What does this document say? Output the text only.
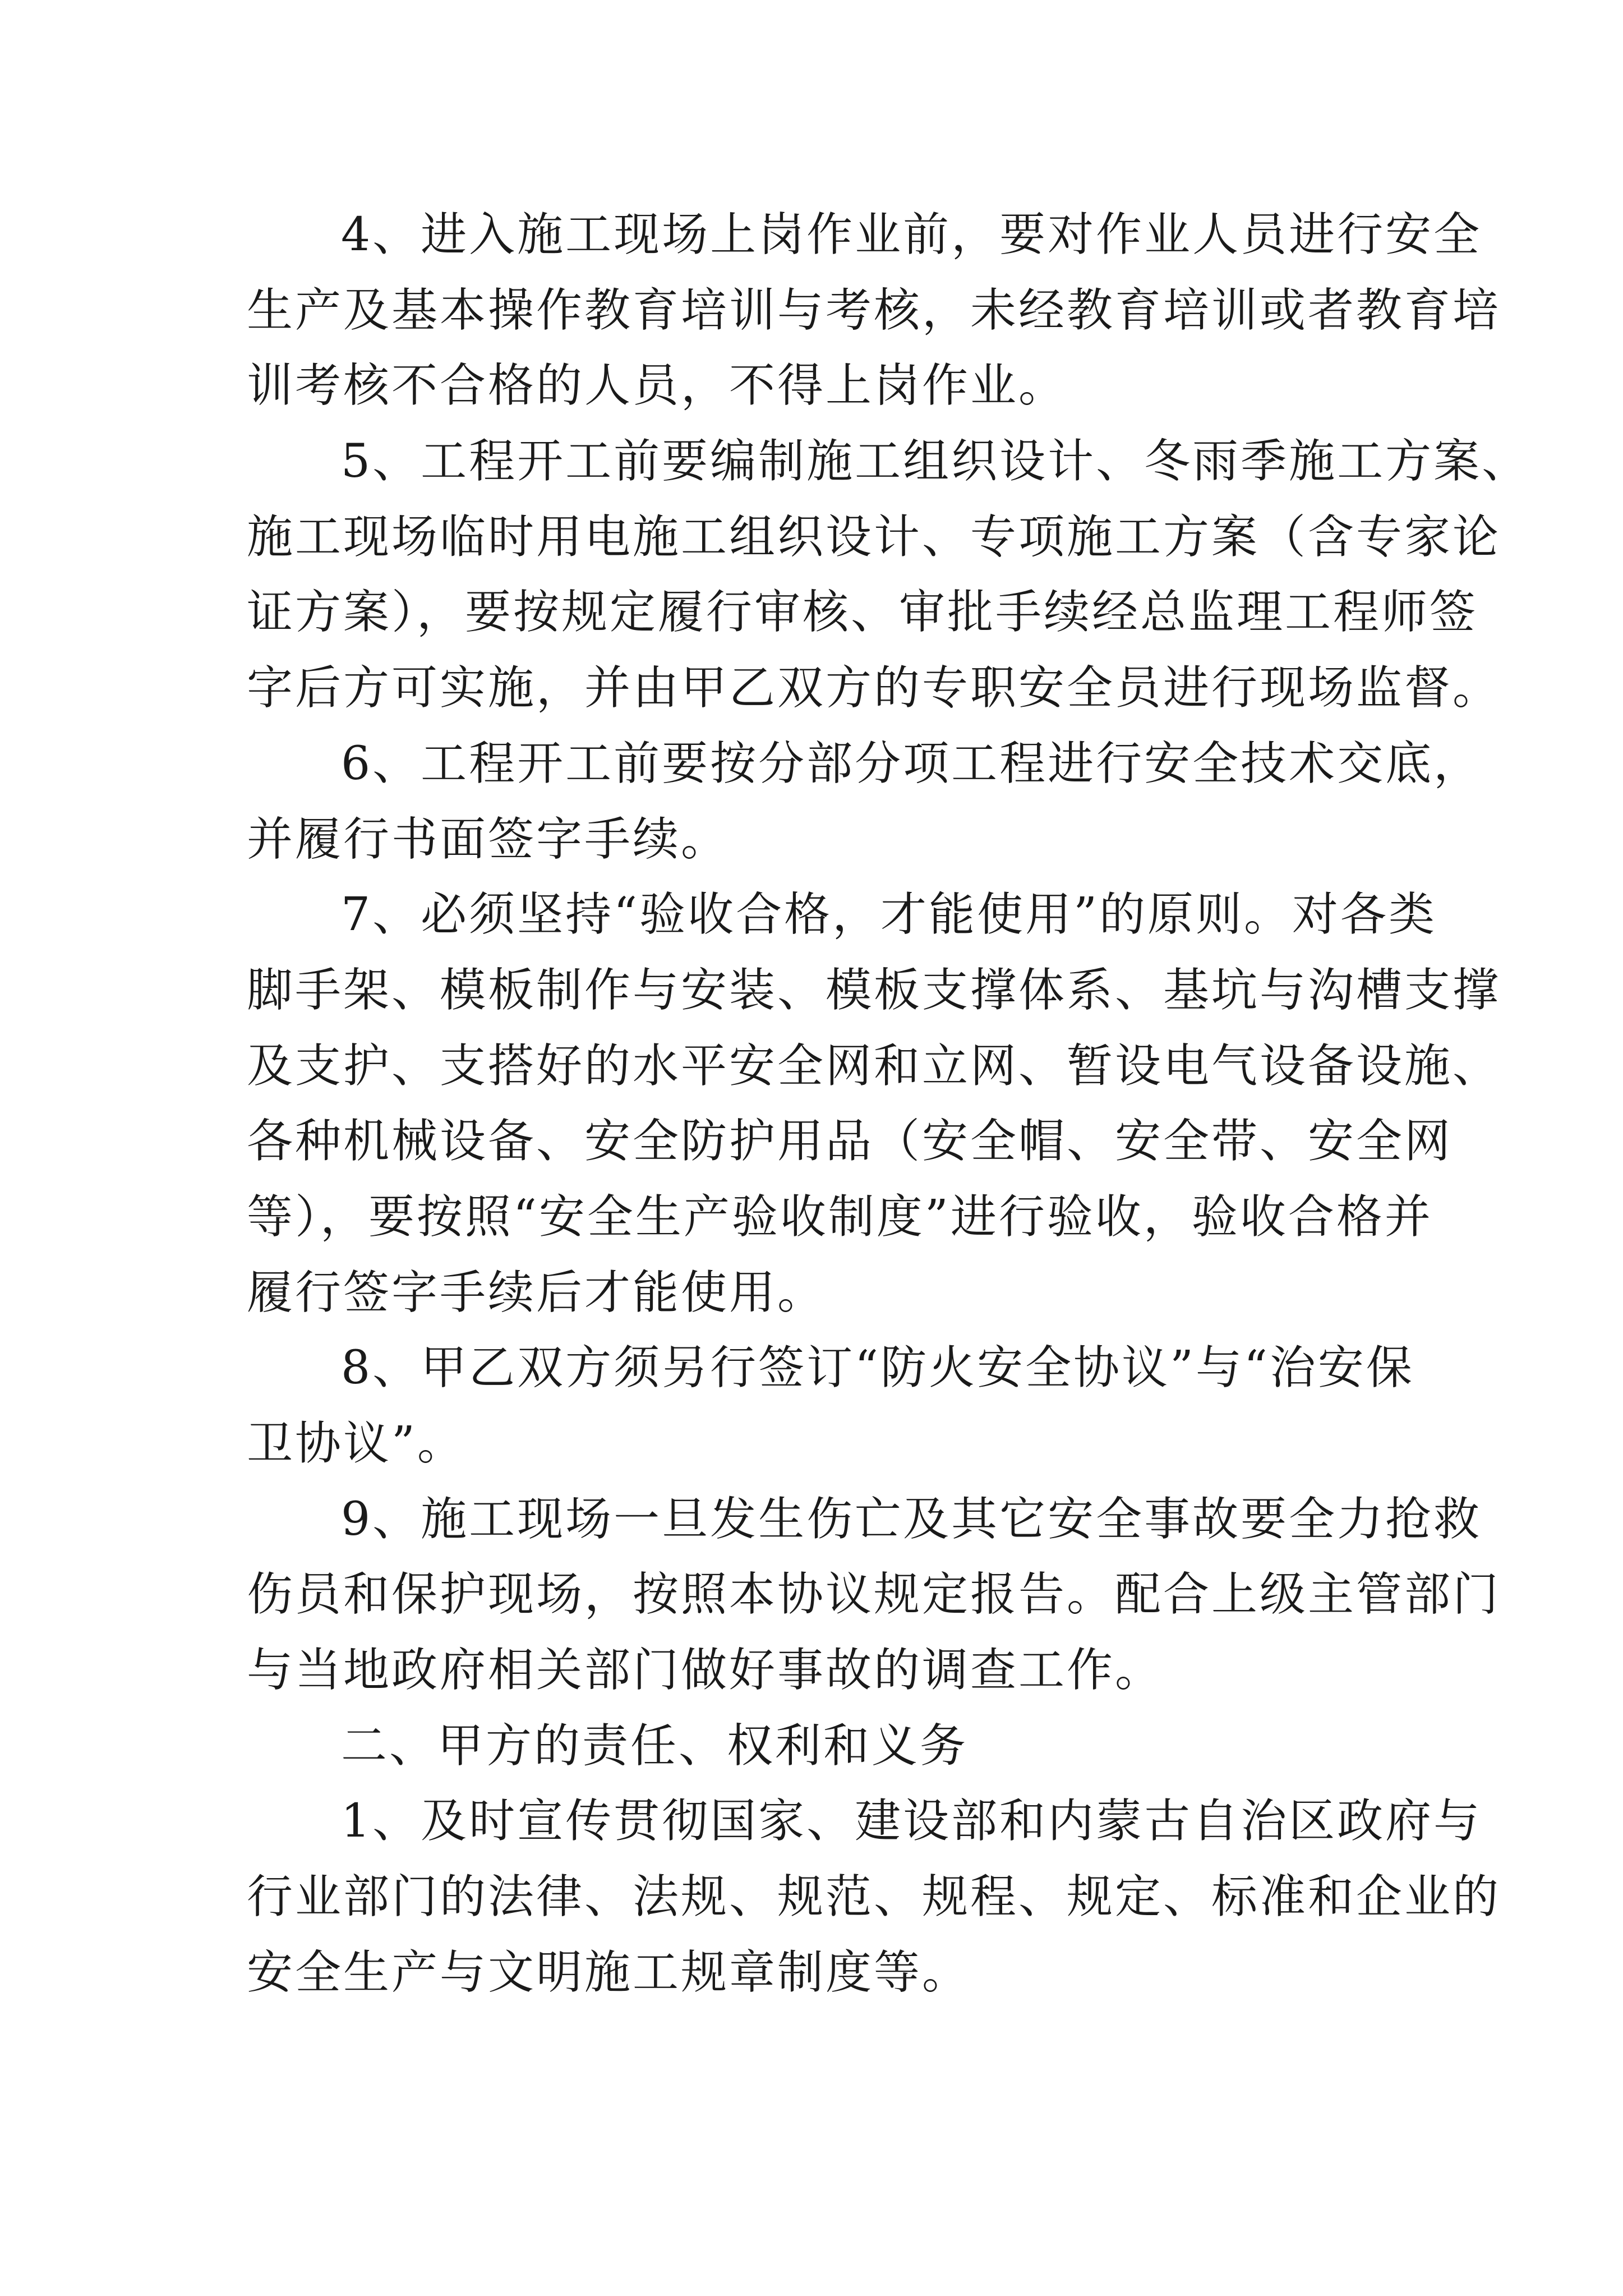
4、进入施工现场上岗作业前，要对作业人员进行安全
生产及基本操作教育培训与考核，未经教育培训或者教育培
训考核不合格的人员，不得上岗作业。
5、工程开工前要编制施工组织设计、冬雨季施工方案、
施工现场临时用电施工组织设计、专项施工方案（含专家论
证方案），要按规定履行审核、审批手续经总监理工程师签
字后方可实施，并由甲乙双方的专职安全员进行现场监督。
6、工程开工前要按分部分项工程进行安全技术交底，
并履行书面签字手续。
7、必须坚持“验收合格，才能使用”的原则。对各类
脚手架、模板制作与安装、模板支撑体系、基坑与沟槽支撑
及支护、支搭好的水平安全网和立网、暂设电气设备设施、
各种机械设备、安全防护用品（安全帽、安全带、安全网
等），要按照“安全生产验收制度”进行验收，验收合格并
履行签字手续后才能使用。
8、甲乙双方须另行签订“防火安全协议”与“治安保
卫协议”。
9、施工现场一旦发生伤亡及其它安全事故要全力抢救
伤员和保护现场，按照本协议规定报告。配合上级主管部门
与当地政府相关部门做好事故的调查工作。
二、甲方的责任、权利和义务
1、及时宣传贯彻国家、建设部和内蒙古自治区政府与
行业部门的法律、法规、规范、规程、规定、标准和企业的
安全生产与文明施工规章制度等。
